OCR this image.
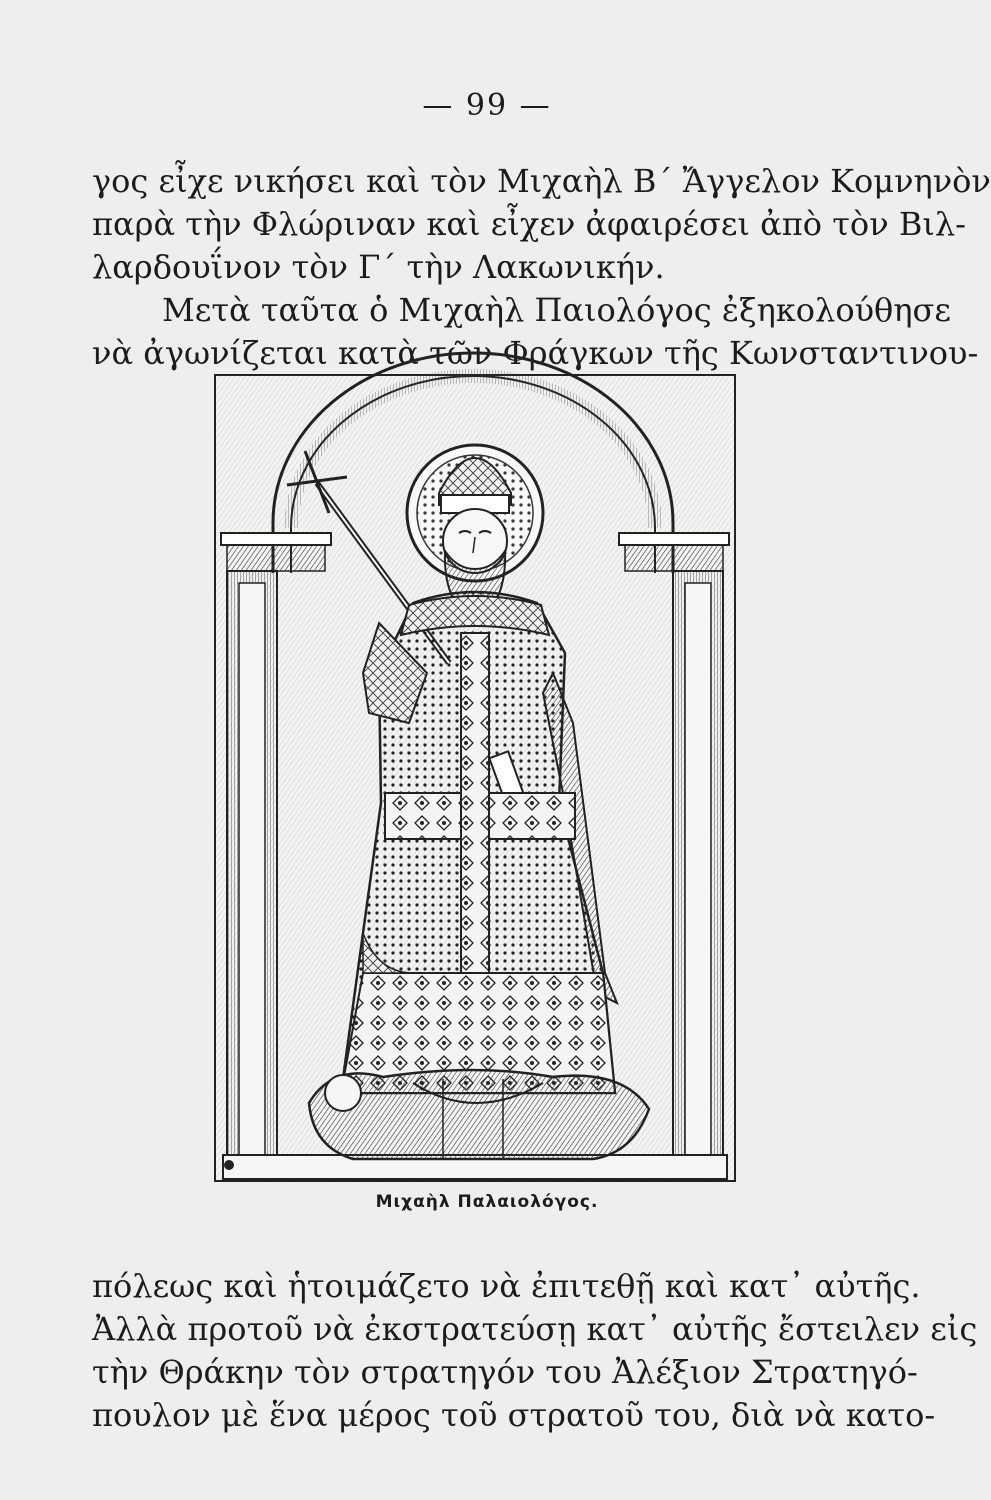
— 99 —
γος εἶχε νικήσει καὶ τὸν Μιχαὴλ Β΄ Ἄγγελον Κομνηνὸν
παρὰ τὴν Φλώριναν καὶ εἶχεν ἀφαιρέσει ἀπὸ τὸν Βιλ-
λαρδουΐνον τὸν Γ΄ τὴν Λακωνικήν.
Μετὰ ταῦτα ὁ Μιχαὴλ Παιολόγος ἐξηκολούθησε
νὰ ἀγωνίζεται κατὰ τῶν Φράγκων τῆς Κωνσταντινου-
Μιχαὴλ Παλαιολόγος.
πόλεως καὶ ἡτοιμάζετο νὰ ἐπιτεθῇ καὶ κατ᾽ αὐτῆς.
Ἀλλὰ προτοῦ νὰ ἐκστρατεύσῃ κατ᾽ αὐτῆς ἔστειλεν εἰς
τὴν Θράκην τὸν στρατηγόν του Ἀλέξιον Στρατηγό-
πουλον μὲ ἕνα μέρος τοῦ στρατοῦ του, διὰ νὰ κατο-
